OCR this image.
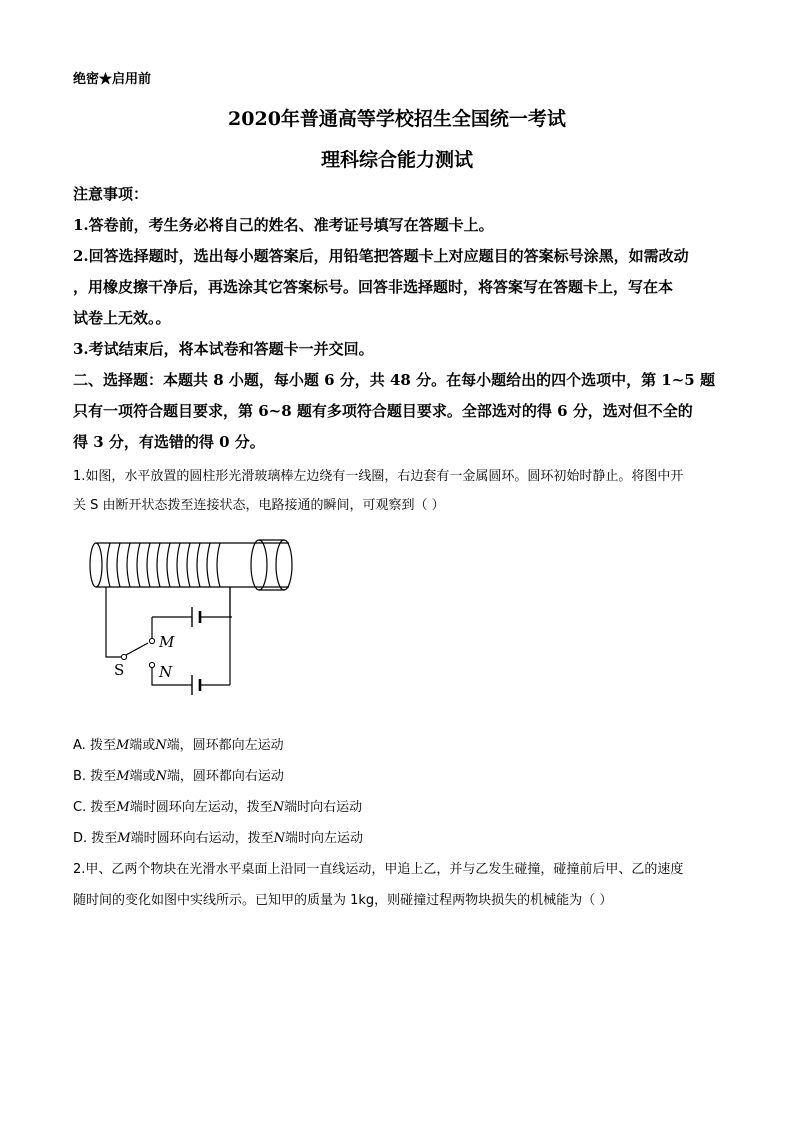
绝密★启用前
2020年普通高等学校招生全国统一考试
理科综合能力测试
注意事项：
1.答卷前，考生务必将自己的姓名、准考证号填写在答题卡上。
2.回答选择题时，选出每小题答案后，用铅笔把答题卡上对应题目的答案标号涂黑，如需改动
，用橡皮擦干净后，再选涂其它答案标号。回答非选择题时，将答案写在答题卡上，写在本
试卷上无效。。
3.考试结束后，将本试卷和答题卡一并交回。
二、选择题：本题共 8 小题，每小题 6 分，共 48 分。在每小题给出的四个选项中，第 1~5 题
只有一项符合题目要求，第 6~8 题有多项符合题目要求。全部选对的得 6 分，选对但不全的
得 3 分，有选错的得 0 分。
1.如图，水平放置的圆柱形光滑玻璃棒左边绕有一线圈，右边套有一金属圆环。圆环初始时静止。将图中开
关 S 由断开状态拨至连接状态，电路接通的瞬间，可观察到（ ）
M
N
S
A. 拨至M端或N端，圆环都向左运动
B. 拨至M端或N端，圆环都向右运动
C. 拨至M端时圆环向左运动，拨至N端时向右运动
D. 拨至M端时圆环向右运动，拨至N端时向左运动
2.甲、乙两个物块在光滑水平桌面上沿同一直线运动，甲追上乙，并与乙发生碰撞，碰撞前后甲、乙的速度
随时间的变化如图中实线所示。已知甲的质量为 1kg，则碰撞过程两物块损失的机械能为（ ）
